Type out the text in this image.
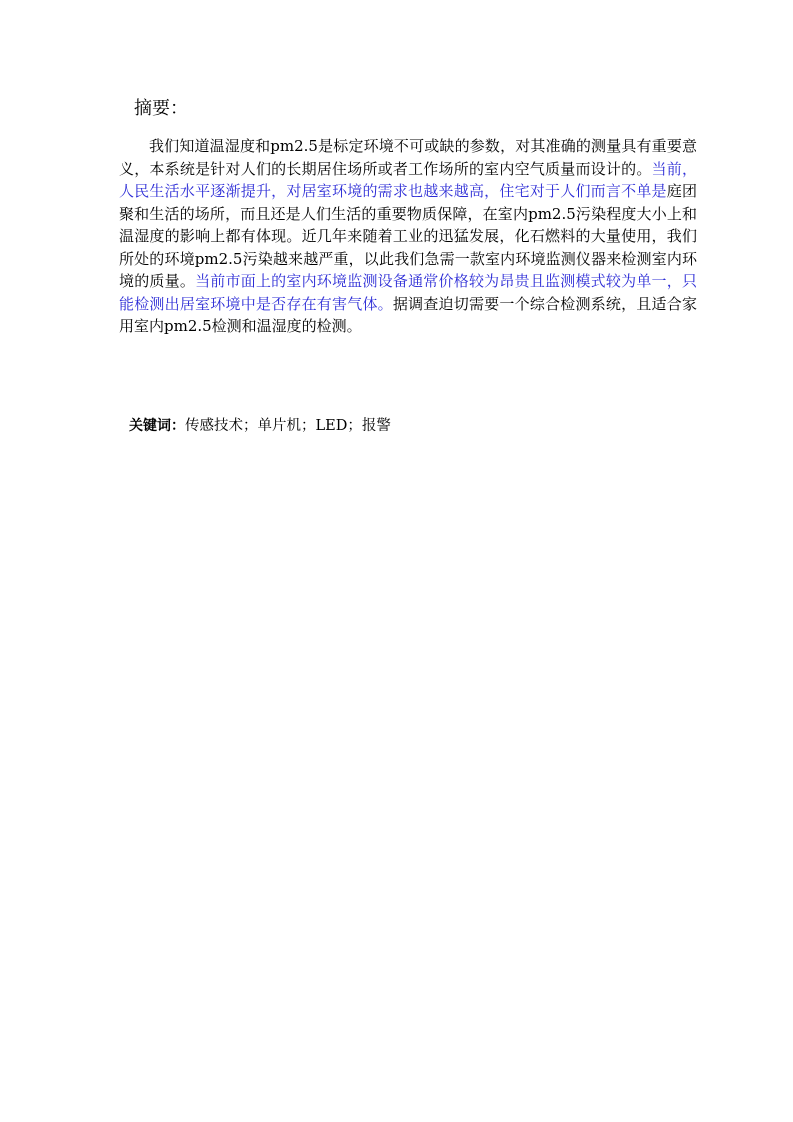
摘要：

我们知道温湿度和pm2.5是标定环境不可或缺的参数，对其准确的测量具有重要意义，本系统是针对人们的长期居住场所或者工作场所的室内空气质量而设计的。当前，人民生活水平逐渐提升，对居室环境的需求也越来越高，住宅对于人们而言不单是庭团聚和生活的场所，而且还是人们生活的重要物质保障，在室内pm2.5污染程度大小上和温湿度的影响上都有体现。近几年来随着工业的迅猛发展，化石燃料的大量使用，我们所处的环境pm2.5污染越来越严重，以此我们急需一款室内环境监测仪器来检测室内环境的质量。当前市面上的室内环境监测设备通常价格较为昂贵且监测模式较为单一，只能检测出居室环境中是否存在有害气体。据调查迫切需要一个综合检测系统，且适合家用室内pm2.5检测和温湿度的检测。

关键词：传感技术；单片机；LED；报警
